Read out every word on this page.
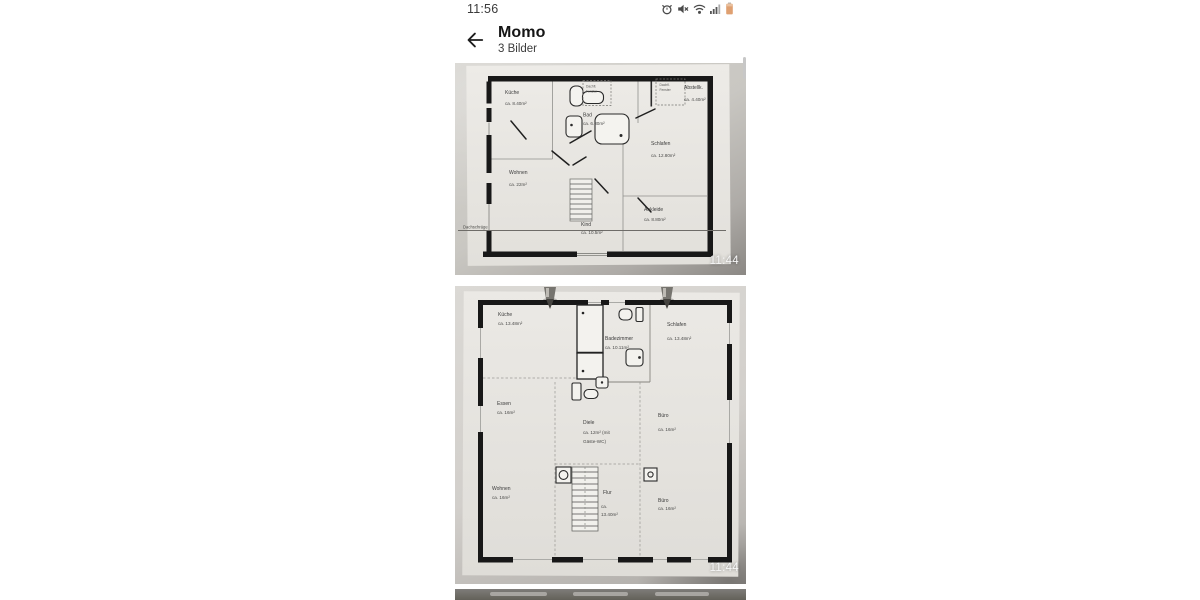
11:56
Momo
3 Bilder
Dachfl.
Fenster
Dachfl.
Fenster
Küche
ca. 8.40m²
Bad
ca. 6.30m²
Abstellk.
ca. 4.40m²
Schlafen
ca. 12.80m²
Wohnen
ca. 22m²
Kind
ca. 10.5m²
Ankleide
ca. 8.80m²
Dachschräge
11:44
Küche
ca. 13.48m²
Badezimmer
ca. 10.11m²
Schlafen
ca. 13.48m²
Essen
ca. 16m²
Diele
ca. 12m² (mit
Gäste-WC)
Büro
ca. 16m²
Wohnen
ca. 16m²
Flur
ca.
13.40m²
Büro
ca. 16m²
11:44
